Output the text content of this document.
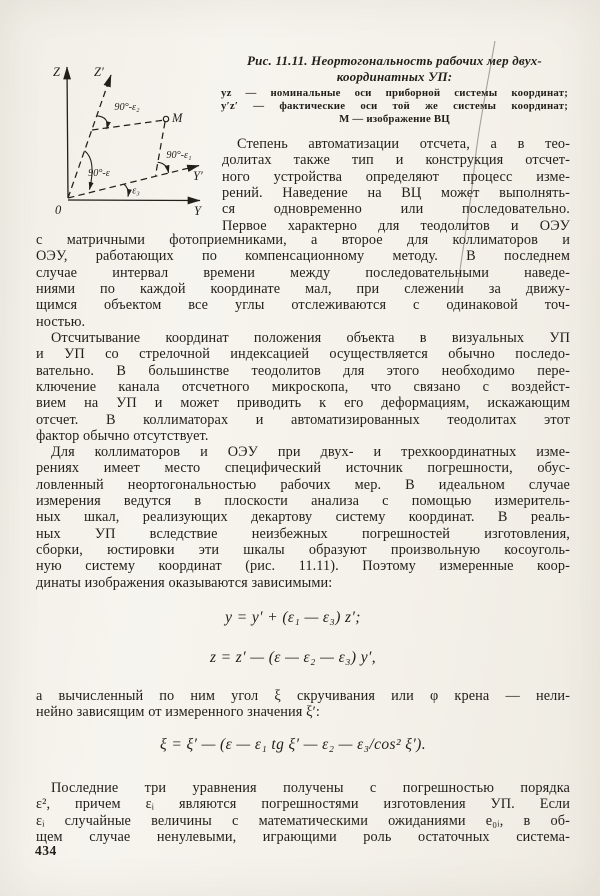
Z	Z′
Y
Y′
0
M
90°-ε₂
90°-ε₁
90°-ε
ε₃
Рис. 11.11. Неортогональность рабочих мер двух-
координатных УП:
yz — номинальные оси приборной системы координат;
y′z′ — фактические оси той же системы координат;
М — изображение ВЦ
Степень автоматизации отсчета, а в тео-
долитах также тип и конструкция отсчет-
ного устройства определяют процесс изме-
рений. Наведение на ВЦ может выполнять-
ся одновременно или последовательно.
Первое характерно для теодолитов и ОЭУ
с матричными фотоприемниками, а второе для коллиматоров и
ОЭУ, работающих по компенсационному методу. В последнем
случае интервал времени между последовательными наведе-
ниями по каждой координате мал, при слежении за движу-
щимся объектом все углы отслеживаются с одинаковой точ-
ностью.
Отсчитывание координат положения объекта в визуальных УП
и УП со стрелочной индексацией осуществляется обычно последо-
вательно. В большинстве теодолитов для этого необходимо пере-
ключение канала отсчетного микроскопа, что связано с воздейст-
вием на УП и может приводить к его деформациям, искажающим
отсчет. В коллиматорах и автоматизированных теодолитах этот
фактор обычно отсутствует.
Для коллиматоров и ОЭУ при двух- и трехкоординатных изме-
рениях имеет место специфический источник погрешности, обус-
ловленный неортогональностью рабочих мер. В идеальном случае
измерения ведутся в плоскости анализа с помощью измеритель-
ных шкал, реализующих декартову систему координат. В реаль-
ных УП вследствие неизбежных погрешностей изготовления,
сборки, юстировки эти шкалы образуют произвольную косоуголь-
ную систему координат (рис. 11.11). Поэтому измеренные коор-
динаты изображения оказываются зависимыми:
y = y′ + (ε₁ — ε₃) z′;
z = z′ — (ε — ε₂ — ε₃) y′,
а вычисленный по ним угол ξ скручивания или φ крена — нели-
нейно зависящим от измеренного значения ξ′:
ξ = ξ′ — (ε — ε₁ tg ξ′ — ε₂ — ε₃/cos² ξ′).
Последние три уравнения получены с погрешностью порядка
ε², причем εᵢ являются погрешностями изготовления УП. Если
εᵢ случайные величины с математическими ожиданиями e₀ᵢ, в об-
щем случае ненулевыми, играющими роль остаточных система-
434
